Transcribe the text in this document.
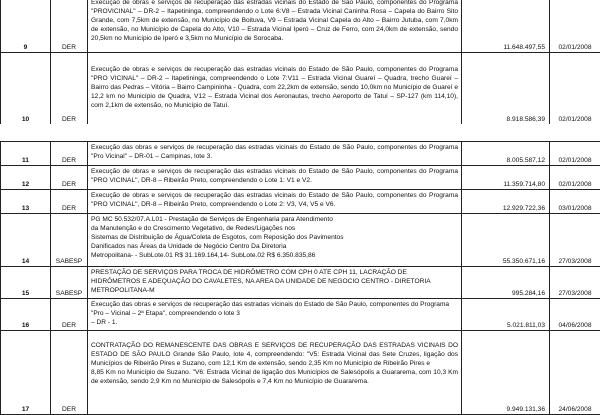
9	DER	Execução de obras e serviços de recuperação das estradas vicinais do Estado de São Paulo, componentes do Programa "PROVICINAL" – DR-2 – Itapetininga, compreendendo o Lote 6:V8 – Estrada Vicinal Caninha Rosa – Capela do Bairro Sito Grande, com 7,5km de extensão, no Município de Boituva, V9 – Estrada Vicinal Capela do Alto – Bairro Jutuba, com 7,0km de extensão, no Município de Capela do Alto, V10 – Estrada Vicinal Iperó – Cruz de Ferro, com 24,0km de extensão, sendo 20,5km no Município de Iperó e 3,5km no Município de Sorocaba.	11.648.497,55	02/01/2008
10	DER	Execução de obras e serviços de recuperação das estradas vicinais do Estado de São Paulo, componentes do Programa "PRO VICINAL" – DR-2 – Itapetininga, compreendendo o Lote 7:V11 – Estrada Vicinal Guareí – Quadra, trecho Guareí – Bairro das Pedras – Vitória – Bairro Campininha - Quadra, com 22,2km de extensão, sendo 10,0km no Município de Guareí e 12,2 km no Município de Quadra, V12 – Estrada Vicinal dos Aeronautas, trecho Aeroporto de Tatuí – SP-127 (km 114,10), com 2,1km de extensão, no Município de Tatuí.	8.918.586,39	02/01/2008
11	DER	Execução das obras e serviços de recuperação das estradas vicinais do Estado de São Paulo, componentes do Programa "Pro Vicinal" – DR-01 – Campinas, lote 3.	8.005.587,12	02/01/2008
12	DER	Execução de obras e serviços de recuperação das estradas vicinais do Estado de São Paulo, componentes do Programa "PRO VICINAL", DR-8 – Ribeirão Preto, compreendendo o Lote 1: V1 e V2.	11.359.714,80	02/01/2008
13	DER	Execução de obras e serviços de recuperação das estradas vicinais do Estado de São Paulo, componentes do Programa "PRO VICINAL", DR-8 – Ribeirão Preto, compreendendo o Lote 2: V3, V4, V5 e V6.	12.929.722,36	03/01/2008
14	SABESP	PG MC 50.532/07.A.L01 - Prestação de Serviços de Engenharia para Atendimento
da Manutenção e do Crescimento Vegetativo, de Redes/Ligações nos
Sistemas de Distribuição de Água/Coleta de Esgotos, com Reposição dos Pavimentos
Danificados nas Áreas da Unidade de Negócio Centro Da Diretoria
Metropolitana- - SubLote.01 R$ 31.169.164,14- SubLote.02 R$ 6.350.835,86	55.350.671,16	27/03/2008
15	SABESP	PRESTAÇÃO DE SERVIÇOS PARA TROCA DE HIDRÔMETRO COM CPH 0 ATE CPH 11, LACRAÇÃO DE HIDRÔMETROS E ADEQUAÇÃO DO CAVALETES, NA AREA DA UNIDADE DE NEGOCIO CENTRO - DIRETORIA METROPOLITANA-M	995.284,16	27/03/2008
16	DER	Execução das obras e serviços de recuperação das estradas vicinais do Estado de São Paulo, componentes do Programa "Pro – Vicinal – 2ª Etapa", compreendendo o lote 3
– DR - 1.	5.021.811,03	04/06/2008
17	DER	
CONTRATAÇÃO DO REMANESCENTE DAS OBRAS E SERVIÇOS DE RECUPERAÇÃO DAS ESTRADAS VICINAIS DO ESTADO DE SÃO PAULO Grande São Paulo, lote 4, compreendendo: "V5: Estrada Vicinal das Sete Cruzes, ligação dos Municípios de Ribeirão Pires e Suzano, com 12,1 Km de extensão, sendo 2,35 Km no Município de Ribeirão Pires e
8,85 Km no Município de Suzano. "V6: Estrada Vicinal de ligação dos Municípios de Salesópolis a Guararema, com 10,3 Km de extensão, sendo 2,9 Km no Município de Salesópolis e 7,4 Km no Município de Guararema.	9.949.131,36	24/06/2008
